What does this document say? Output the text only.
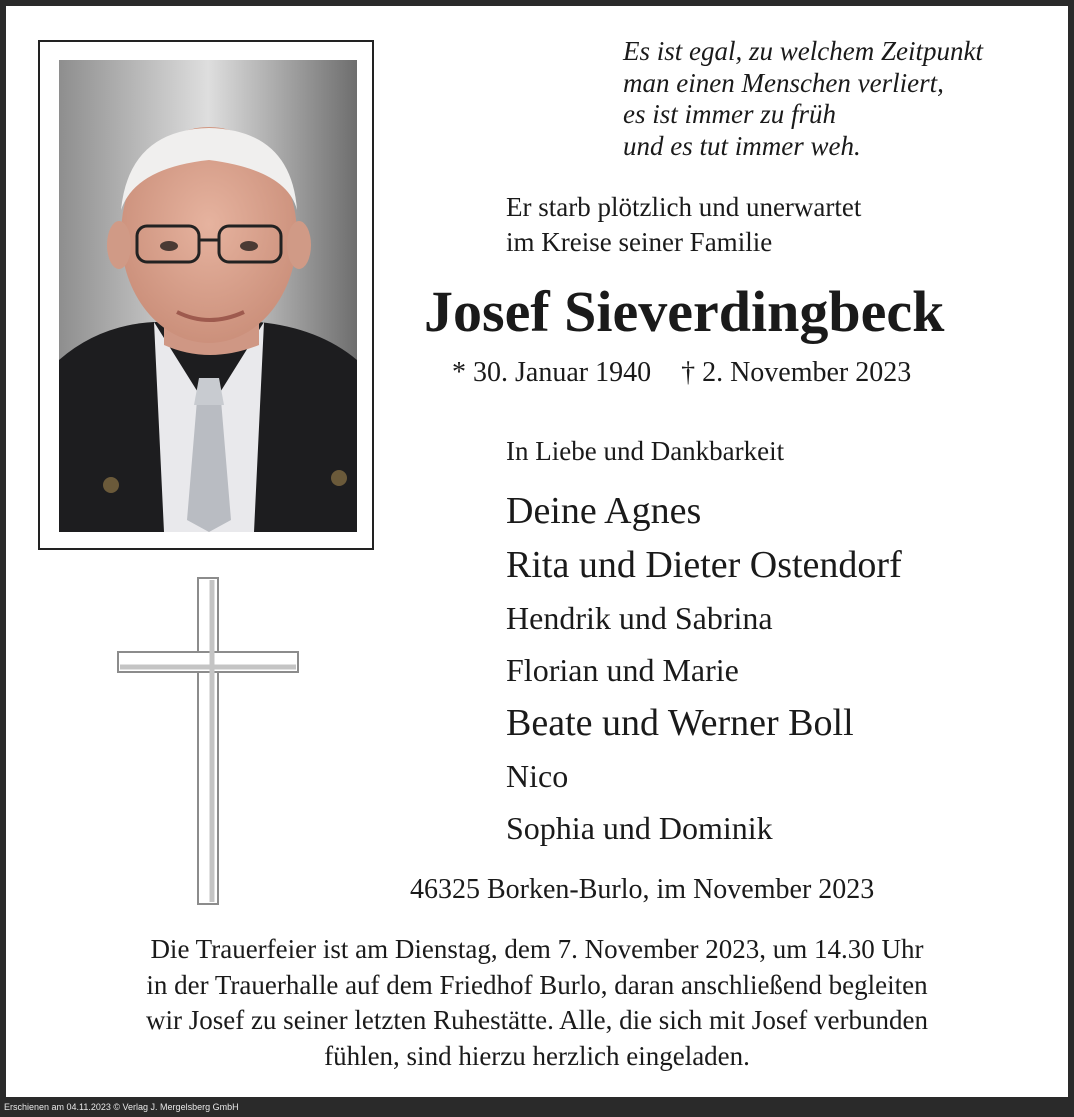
Es ist egal, zu welchem Zeitpunkt
man einen Menschen verliert,
es ist immer zu früh
und es tut immer weh.
Er starb plötzlich und unerwartet
im Kreise seiner Familie
Josef Sieverdingbeck
* 30. Januar 1940 † 2. November 2023
In Liebe und Dankbarkeit
Deine Agnes
Rita und Dieter Ostendorf
Hendrik und Sabrina
Florian und Marie
Beate und Werner Boll
Nico
Sophia und Dominik
46325 Borken-Burlo, im November 2023
Die Trauerfeier ist am Dienstag, dem 7. November 2023, um 14.30 Uhr
in der Trauerhalle auf dem Friedhof Burlo, daran anschließend begleiten
wir Josef zu seiner letzten Ruhestätte. Alle, die sich mit Josef verbunden
fühlen, sind hierzu herzlich eingeladen.
Erschienen am 04.11.2023 © Verlag J. Mergelsberg GmbH
